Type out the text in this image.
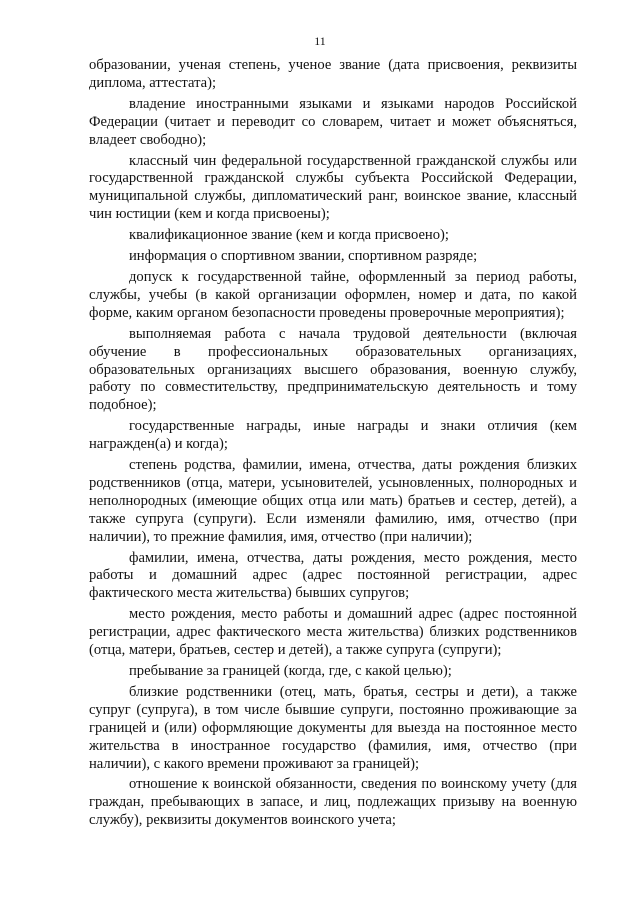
11

образовании, ученая степень, ученое звание (дата присвоения, реквизиты диплома, аттестата);

владение иностранными языками и языками народов Российской Федерации (читает и переводит со словарем, читает и может объясняться, владеет свободно);

классный чин федеральной государственной гражданской службы или государственной гражданской службы субъекта Российской Федерации, муниципальной службы, дипломатический ранг, воинское звание, классный чин юстиции (кем и когда присвоены);

квалификационное звание (кем и когда присвоено);

информация о спортивном звании, спортивном разряде;

допуск к государственной тайне, оформленный за период работы, службы, учебы (в какой организации оформлен, номер и дата, по какой форме, каким органом безопасности проведены проверочные мероприятия);

выполняемая работа с начала трудовой деятельности (включая обучение в профессиональных образовательных организациях, образовательных организациях высшего образования, военную службу, работу по совместительству, предпринимательскую деятельность и тому подобное);

государственные награды, иные награды и знаки отличия (кем награжден(а) и когда);

степень родства, фамилии, имена, отчества, даты рождения близких родственников (отца, матери, усыновителей, усыновленных, полнородных и неполнородных (имеющие общих отца или мать) братьев и сестер, детей), а также супруга (супруги). Если изменяли фамилию, имя, отчество (при наличии), то прежние фамилия, имя, отчество (при наличии);

фамилии, имена, отчества, даты рождения, место рождения, место работы и домашний адрес (адрес постоянной регистрации, адрес фактического места жительства) бывших супругов;

место рождения, место работы и домашний адрес (адрес постоянной регистрации, адрес фактического места жительства) близких родственников (отца, матери, братьев, сестер и детей), а также супруга (супруги);

пребывание за границей (когда, где, с какой целью);

близкие родственники (отец, мать, братья, сестры и дети), а также супруг (супруга), в том числе бывшие супруги, постоянно проживающие за границей и (или) оформляющие документы для выезда на постоянное место жительства в иностранное государство (фамилия, имя, отчество (при наличии), с какого времени проживают за границей);

отношение к воинской обязанности, сведения по воинскому учету (для граждан, пребывающих в запасе, и лиц, подлежащих призыву на военную службу), реквизиты документов воинского учета;
